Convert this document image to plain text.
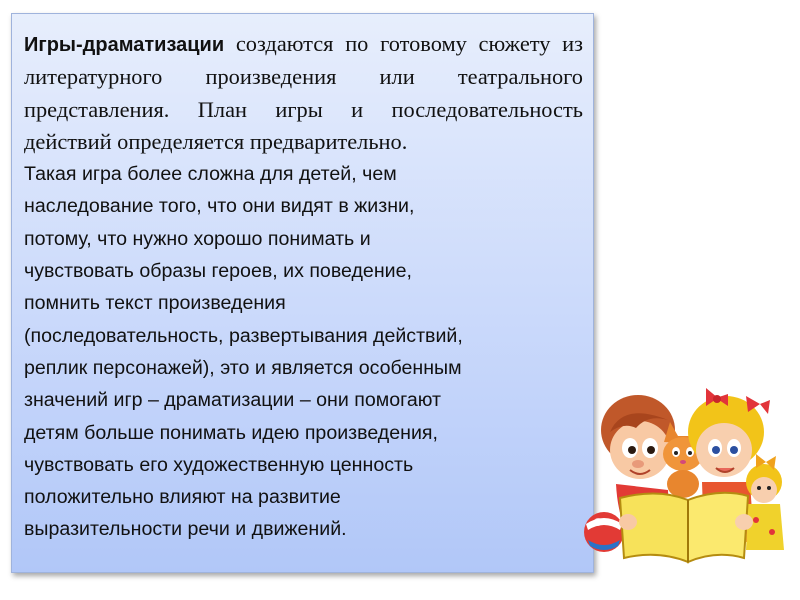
Игры-драматизации создаются по готовому сюжету из литературного произведения или театрального представления. План игры и последовательность действий определяется предварительно.

Такая игра более сложна для детей, чем
наследование того, что они видят в жизни,
потому, что нужно хорошо понимать и
чувствовать образы героев, их поведение,
помнить текст произведения
(последовательность, развертывания действий,
реплик персонажей), это и является особенным
значений игр – драматизации – они помогают
детям больше понимать идею произведения,
чувствовать его художественную ценность
положительно влияют на развитие
выразительности речи и движений.
